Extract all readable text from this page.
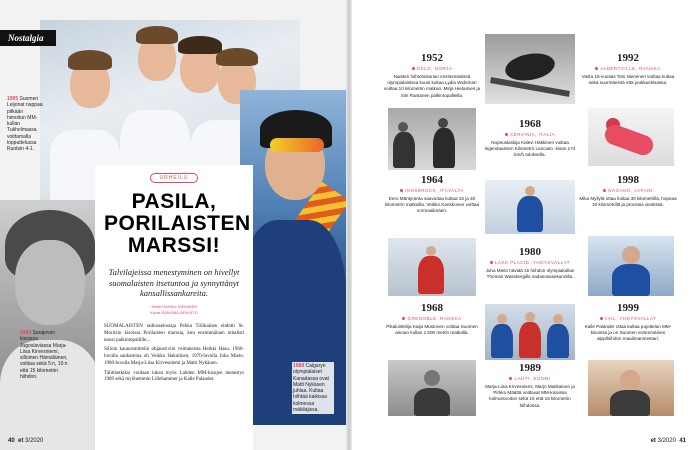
Nostalgia
1995 Suomen Leijonat nappaa pitkään himoitun MM-kullan Tukholmassa voittamalla lopputtelussa Ruotsin 4-1.
1984 Sarajevon kisoissa Jugoslaviassa Marja-Liisa Kirvesniemi, silloinen Hämäläinen, voittaa sekä 5:n, 10:n että 15 kilometrin hiihdon.
1988 Calgaryn olympialaiset Kanadassa ovat Matti Nykäsen juhlaa. Kultaa hiihtää kaikissa kolmessa mäkilajissa.
URHEILU
PASILA,
PORILAISTEN
MARSSI!
Talvilajeissa menestyminen on hivellyt suomalaisten itsetuntoa ja synnyttänyt kansallissankareita.
Teksti HANNU NIEMINEN
Kuvat SANOMA-ARKISTO

SUOMALAISTEN radiosselostaja Pekka Tiilikainen ehdotti St. Moritzin kisoissa Porilaisten marssia, kun ensimmäinen mitalisti nousi palkintopallille...

Silloin kaunosmittelin ohjausriviin voittaneista Heikki Hasu. 1960-luvulla sankareina oli Veikko Hakulinen, 1970-luvulla Juha Mieto. 1980-luvulla Marja-Liisa Kirvesniemi ja Matti Nykänen.

Tähtihetkiksi voidaan lukea myös Lahden MM-kisojen menestys 1989 sekä myöhemmin Lillehammer ja Kalle Palander.

40 et 3/2020
1952
OSLO, NORJA
Naisten hiihtohistorian ensimmäisissä olympialaisissa kuusi kultaa Lydia Wideman voittaa 10 kilometrin matkan. Mirja Hietamies ja Siiri Rantanen palkintopalleilla.
1964
INNSBRUCK, ITÄVALTA
Eero Mäntyranta saavuttaa kultaa 15 ja 30 kilometrin matkoilla. Veikko Kankkonen voittaa normaalimäen.
1968
GRENOBLE, RANSKA
Pikaluistelija Kaija Mustonen voittaa Suomen ainoan kullan 1 500 metrin matkalla.
1968
CERVINIA, ITALIA
Nopeuslaskija Kalevi Häkkinen voittaa legendaarisen Kilometro Lanciato -kisan 174 km/h tuloksella.
1980
LAKE PLACID, YHDYSVALLAT
Juha Mieto häviää 15 hiihdon olympiakullan Thomas Wassbergille sadasosasekunnilla.
1989
LAHTI, SUOMI
Marja-Liisa Kirvesniemi, Marjo Matikainen ja Pirkko Määttä voittavat MM-kisoissa kolmoisvoiton sekä 10 että 15 kilometrin hiihdossa.
1992
ALBERTVILLE, RANSKA
Vasta 16-vuotias Toni Nieminen voittaa kultaa sekä suurmäessä että joukkuekisassa.
1998
NAGANO, JAPANI
Mika Myllylä ottaa kultaa 30 kilometrillä, hopeaa 10 kilometrillä ja pronssia viestissä.
1999
VAIL, YHDYSVALLAT
Kalle Palander ottaa kultaa pujottelun MM-kisoissa ja on Suomen ensimmäinen alppihiihdon maailmanmestari.
et 3/2020 41
